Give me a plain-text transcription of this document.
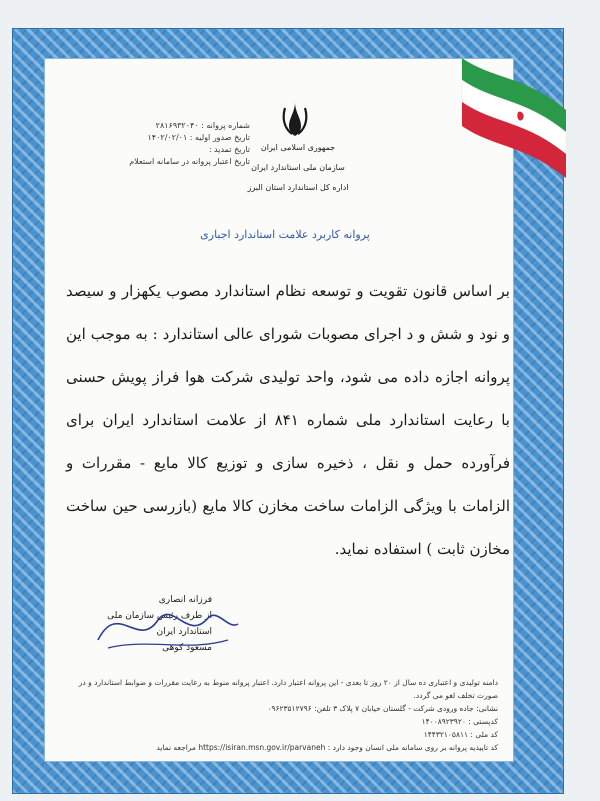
جمهوری اسلامی ایران
سازمان ملی استاندارد ایران
اداره کل استاندارد استان البرز
شماره پروانه : ۲۸۱۶۹۳۲۰۴۰
تاریخ صدور اولیه : ۱۴۰۲/۰۲/۰۱
تاریخ تمدید :
تاریخ اعتبار پروانه در سامانه استعلام
پروانه کاربرد علامت استاندارد اجباری
بر اساس قانون تقویت و توسعه نظام استاندارد مصوب یکهزار و سیصد و نود و شش و د اجرای مصوبات شورای عالی استاندارد : به موجب این پروانه اجازه داده می شود، واحد تولیدی شرکت هوا فراز پویش حسنی با رعایت استاندارد ملی شماره ۸۴۱ از علامت استاندارد ایران برای فرآورده حمل و نقل ، ذخیره سازی و توزیع کالا مایع - مقررات و الزامات با ویژگی الزامات ساخت مخازن کالا مایع (بازرسی حین ساخت مخازن ثابت ) استفاده نماید.
فرزانه انصاری
از طرف رئیس سازمان ملی استاندارد ایران
مسعود کوهی
دامنه تولیدی و اعتباری ده سال از ۲۰ روز تا بعدی - این پروانه اعتبار دارد. اعتبار پروانه منوط به رعایت مقررات و ضوابط استاندارد و در صورت تخلف لغو می گردد.
نشانی: جاده ورودی شرکت - گلستان خیابان ۷ پلاک ۳ تلفن: ۰۹۶۲۳۵۱۲۷۹۶
کدپستی : ۱۴۰۰۸۹۲۳۹۲۰
کد ملی : ۱۴۴۳۲۱۰۵۸۱۱
کد تاییدیه پروانه بر روی سامانه ملی انسان وجود دارد : https://isiran.msn.gov.ir/parvaneh مراجعه نماید
